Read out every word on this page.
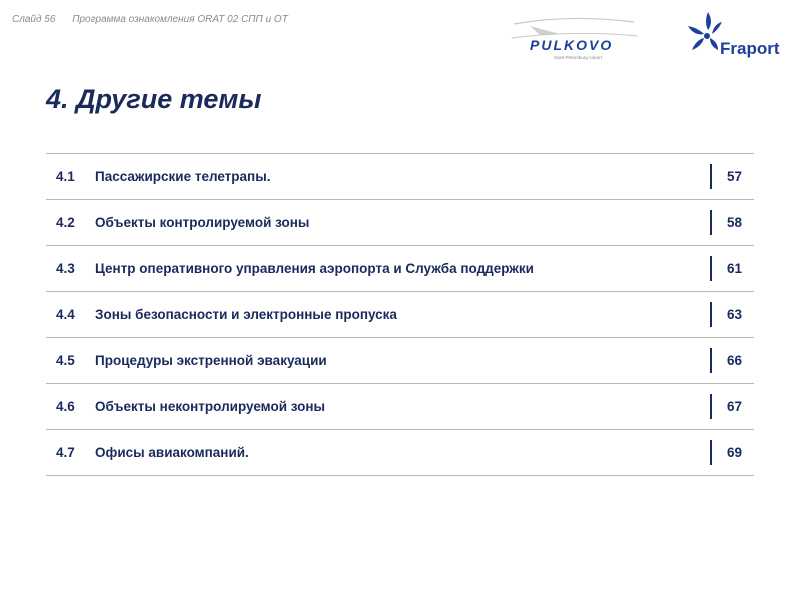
Слайд 56 Программа ознакомления ORAT 02 СПП и ОТ
PULKOVO
Saint-Petersburg Airport	Fraport
4. Другие темы
4.1 Пассажирские телетрапы.	57
4.2 Объекты контролируемой зоны	58
4.3 Центр оперативного управления аэропорта и Служба поддержки	61
4.4 Зоны безопасности и электронные пропуска	63
4.5 Процедуры экстренной эвакуации	66
4.6 Объекты неконтролируемой зоны	67
4.7 Офисы авиакомпаний.	69
